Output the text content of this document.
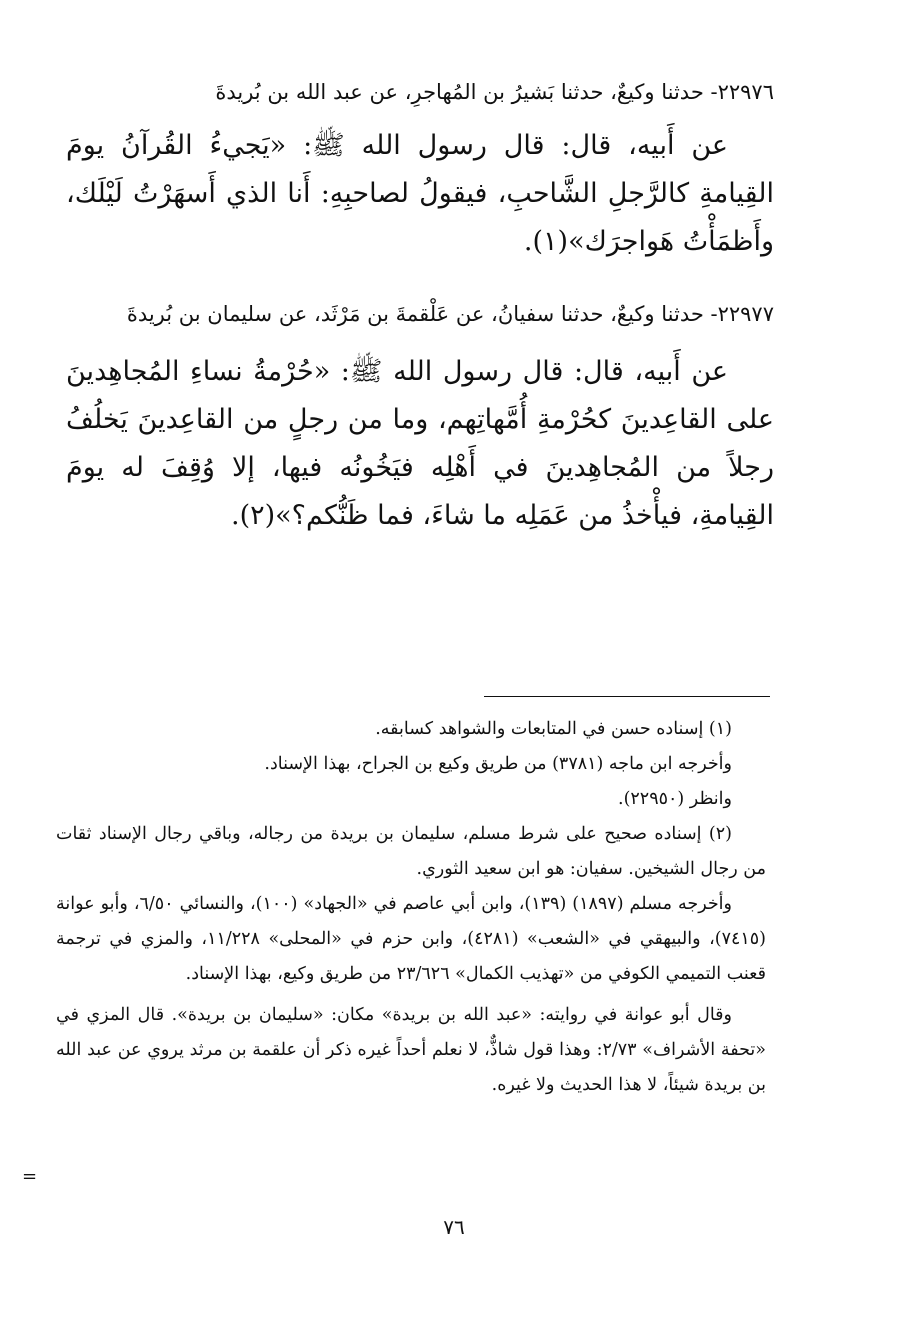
٢٢٩٧٦- حدثنا وكيعٌ، حدثنا بَشيرُ بن المُهاجرِ، عن عبد الله بن بُريدةَ

عن أَبيه، قال: قال رسول الله ﷺ: «يَجيءُ القُرآنُ يومَ القِيامةِ كالرَّجلِ الشَّاحبِ، فيقولُ لصاحبِهِ: أَنا الذي أَسهَرْتُ لَيْلَك، وأَظمَأْتُ هَواجرَك»(١).

٢٢٩٧٧- حدثنا وكيعٌ، حدثنا سفيانُ، عن عَلْقمةَ بن مَرْثَد، عن سليمان بن بُريدةَ

عن أَبيه، قال: قال رسول الله ﷺ: «حُرْمةُ نساءِ المُجاهِدينَ على القاعِدينَ كحُرْمةِ أُمَّهاتِهم، وما من رجلٍ من القاعِدينَ يَخلُفُ رجلاً من المُجاهِدينَ في أَهْلِه فيَخُونُه فيها، إلا وُقِفَ له يومَ القِيامةِ، فيأْخذُ من عَمَلِه ما شاءَ، فما ظَنُّكم؟»(٢).

(١) إسناده حسن في المتابعات والشواهد كسابقه.

وأخرجه ابن ماجه (٣٧٨١) من طريق وكيع بن الجراح، بهذا الإسناد.

وانظر (٢٢٩٥٠).

(٢) إسناده صحيح على شرط مسلم، سليمان بن بريدة من رجاله، وباقي رجال الإسناد ثقات من رجال الشيخين. سفيان: هو ابن سعيد الثوري.

وأخرجه مسلم (١٨٩٧) (١٣٩)، وابن أبي عاصم في «الجهاد» (١٠٠)، والنسائي ٦/٥٠، وأبو عوانة (٧٤١٥)، والبيهقي في «الشعب» (٤٢٨١)، وابن حزم في «المحلى» ١١/٢٢٨، والمزي في ترجمة قعنب التميمي الكوفي من «تهذيب الكمال» ٢٣/٦٢٦ من طريق وكيع، بهذا الإسناد.

وقال أبو عوانة في روايته: «عبد الله بن بريدة» مكان: «سليمان بن بريدة». قال المزي في «تحفة الأشراف» ٢/٧٣: وهذا قول شاذٌّ، لا نعلم أحداً غيره ذكر أن علقمة بن مرثد يروي عن عبد الله بن بريدة شيئاً، لا هذا الحديث ولا غيره.

=
٧٦
